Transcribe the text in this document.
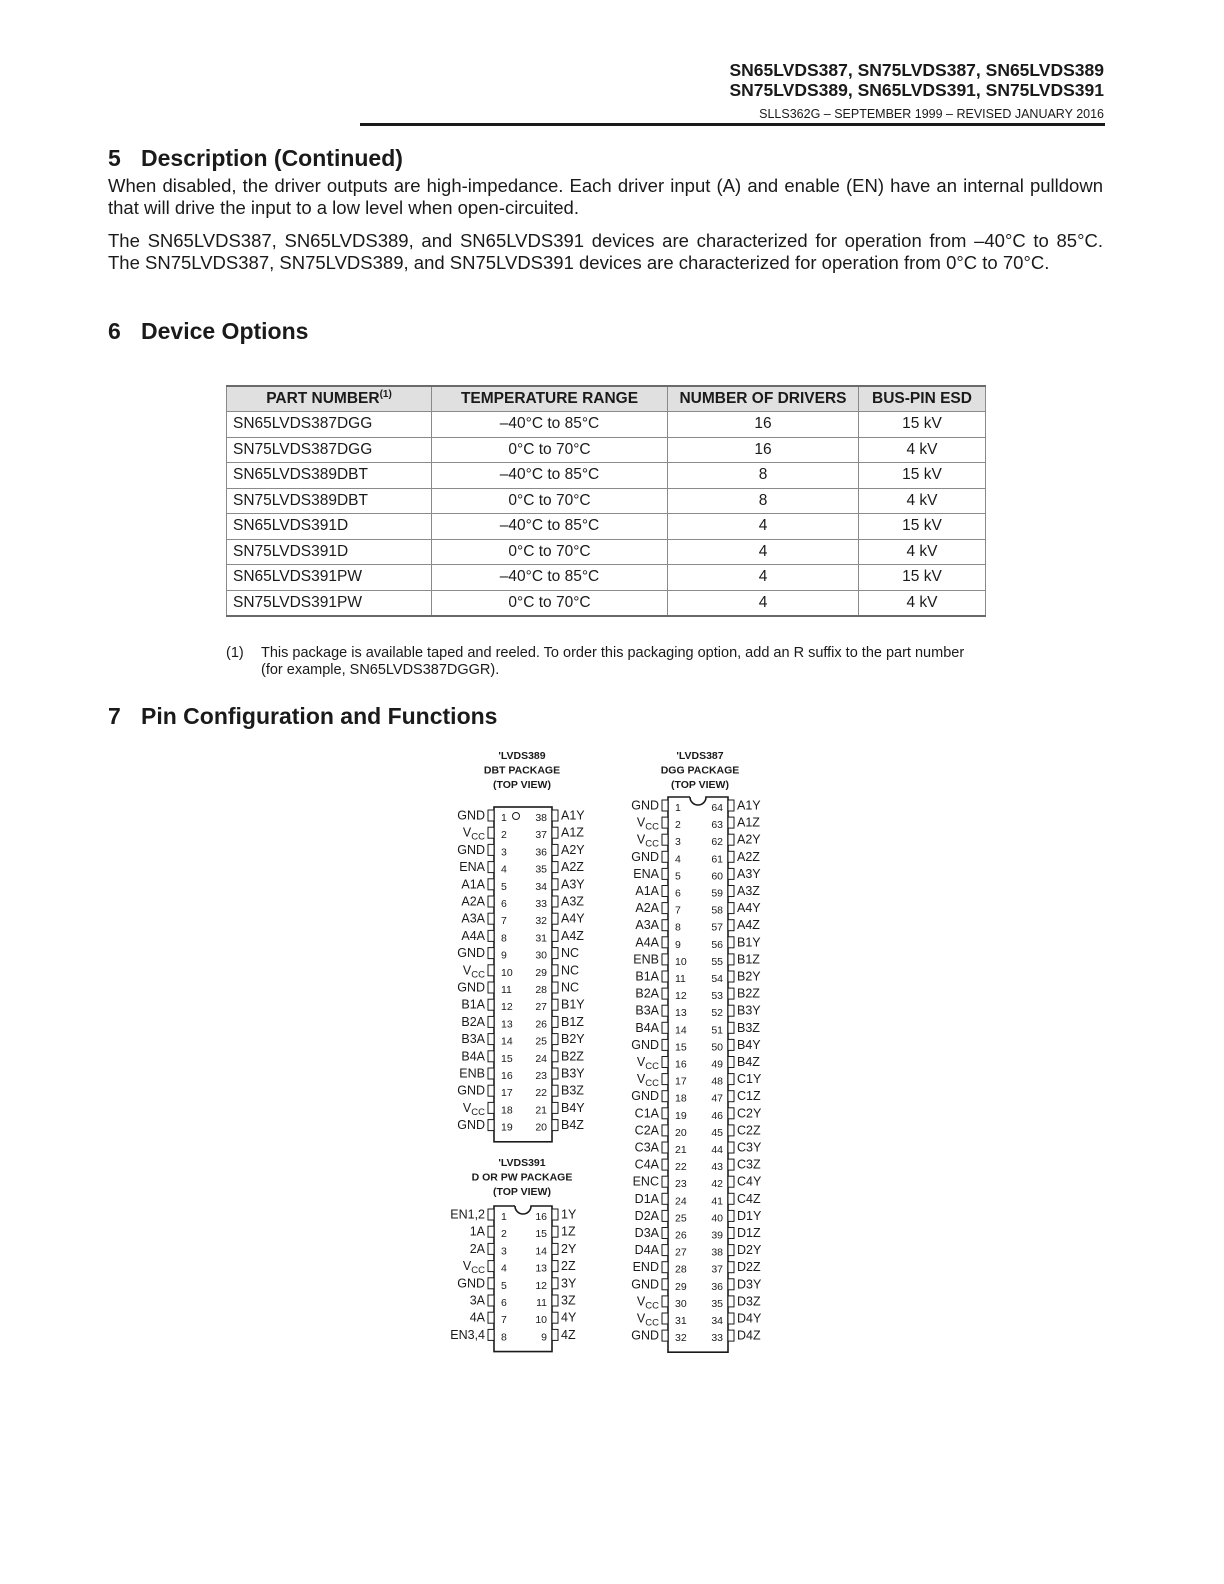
SN65LVDS387, SN75LVDS387, SN65LVDS389
SN75LVDS389, SN65LVDS391, SN75LVDS391
SLLS362G – SEPTEMBER 1999 – REVISED JANUARY 2016
5 Description (Continued)
When disabled, the driver outputs are high-impedance. Each driver input (A) and enable (EN) have an internal pulldown that will drive the input to a low level when open-circuited.
The SN65LVDS387, SN65LVDS389, and SN65LVDS391 devices are characterized for operation from –40°C to 85°C. The SN75LVDS387, SN75LVDS389, and SN75LVDS391 devices are characterized for operation from 0°C to 70°C.
6 Device Options
PART NUMBER$^{(1)}$	TEMPERATURE RANGE	NUMBER OF DRIVERS	BUS-PIN ESD
SN65LVDS387DGG	–40°C to 85°C	16	15 kV
SN75LVDS387DGG	0°C to 70°C	16	4 kV
SN65LVDS389DBT	–40°C to 85°C	8	15 kV
SN75LVDS389DBT	0°C to 70°C	8	4 kV
SN65LVDS391D	–40°C to 85°C	4	15 kV
SN75LVDS391D	0°C to 70°C	4	4 kV
SN65LVDS391PW	–40°C to 85°C	4	15 kV
SN75LVDS391PW	0°C to 70°C	4	4 kV
(1) This package is available taped and reeled. To order this packaging option, add an R suffix to the part number (for example, SN65LVDS387DGGR).
7 Pin Configuration and Functions
'LVDS389
DBT PACKAGE
(TOP VIEW)
GND	A1Y
1	38
$V_{CC}$	A1Z
2	37
GND	A2Y
3	36
ENA	A2Z
4	35
A1A	A3Y
5	34
A2A	A3Z
6	33
A3A	A4Y
7	32
A4A	A4Z
8	31
GND	NC
9	30
$V_{CC}$	NC
10 29
GND	NC
11 28
B1A	B1Y
12 27
B2A	B1Z
13 26
B3A	B2Y
14 25
B4A	B2Z
15 24
ENB	B3Y
16 23
GND	B3Z
17 22
$V_{CC}$	B4Y
18 21
GND	B4Z
19 20
'LVDS387
DGG PACKAGE
(TOP VIEW)
GND	A1Y
1	64
$V_{CC}$	A1Z
2	63
$V_{CC}$	A2Y
3	62
GND	A2Z
4	61
ENA	A3Y
5	60
A1A	A3Z
6	59
A2A	A4Y
7	58
A3A	A4Z
8	57
A4A	B1Y
9	56
ENB	B1Z
10 55
B1A	B2Y
11 54
B2A	B2Z
12 53
B3A	B3Y
13 52
B4A	B3Z
14 51
GND	B4Y
15 50
$V_{CC}$	B4Z
16 49
$V_{CC}$	C1Y
17 48
GND	C1Z
18 47
C1A	C2Y
19 46
C2A	C2Z
20 45
C3A	C3Y
21 44
C4A	C3Z
22 43
ENC	C4Y
23 42
D1A	C4Z
24 41
D2A	D1Y
25 40
D3A	D1Z
26 39
D4A	D2Y
27 38
END	D2Z
28 37
GND	D3Y
29 36
$V_{CC}$	D3Z
30 35
$V_{CC}$	D4Y
31 34
GND	D4Z
32 33
'LVDS391
D OR PW PACKAGE
(TOP VIEW)
EN1,2	1Y
1	16
1A	1Z
2	15
2A	2Y
3	14
$V_{CC}$	2Z
4	13
GND	3Y
5	12
3A	3Z
6	11
4A	4Y
7	10
EN3,4	4Z
8	9
